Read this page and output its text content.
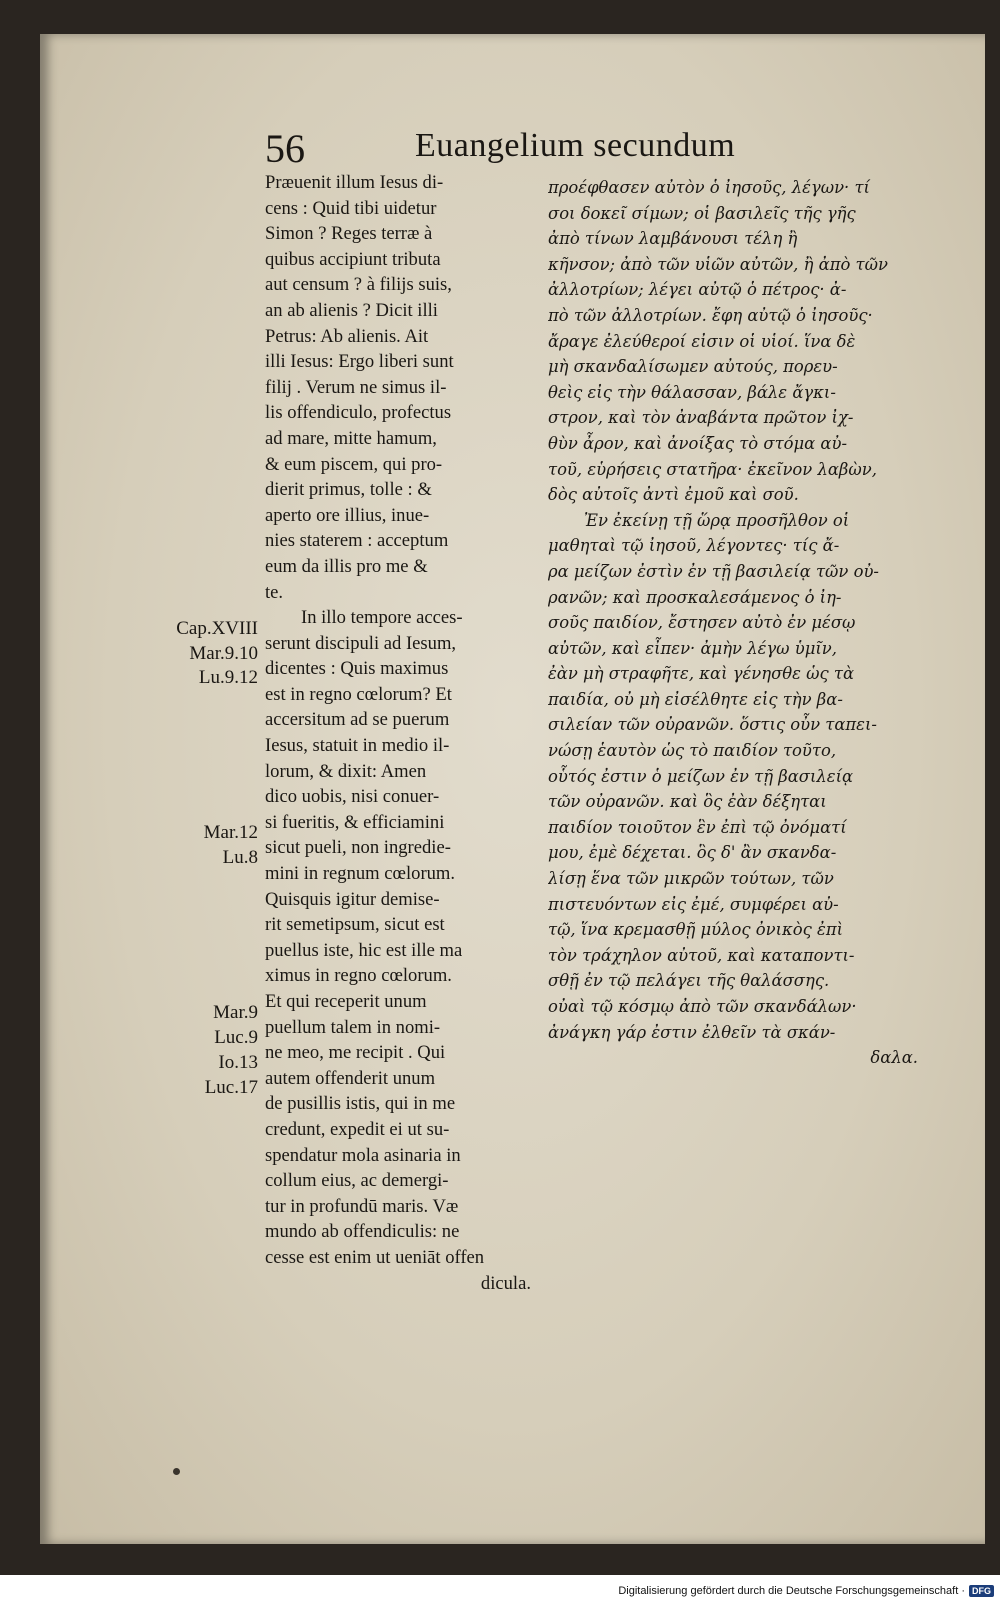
56	Euangelium secundum
Præuenit illum Iesus di-
cens : Quid tibi uidetur
Simon ? Reges terræ à
quibus accipiunt tributa
aut censum ? à filijs suis,
an ab alienis ? Dicit illi
Petrus: Ab alienis. Ait
illi Iesus: Ergo liberi sunt
filij . Verum ne simus il-
lis offendiculo, profectus
ad mare, mitte hamum,
& eum piscem, qui pro-
dierit primus, tolle : &
aperto ore illius, inue-
nies staterem : acceptum
eum da illis pro me &
te.
In illo tempore acces-
serunt discipuli ad Iesum,
dicentes : Quis maximus
est in regno cœlorum? Et
accersitum ad se puerum
Iesus, statuit in medio il-
lorum, & dixit: Amen
dico uobis, nisi conuer-
si fueritis, & efficiamini
sicut pueli, non ingredie-
mini in regnum cœlorum.
Quisquis igitur demise-
rit semetipsum, sicut est
puellus iste, hic est ille ma
ximus in regno cœlorum.
Et qui receperit unum
puellum talem in nomi-
ne meo, me recipit . Qui
autem offenderit unum
de pusillis istis, qui in me
credunt, expedit ei ut su-
spendatur mola asinaria in
collum eius, ac demergi-
tur in profundū maris. Væ
mundo ab offendiculis: ne
cesse est enim ut ueniāt offen
dicula.
προέφθασεν αὐτὸν ὁ ἰησοῦς, λέγων· τί
σοι δοκεῖ σίμων; οἱ βασιλεῖς τῆς γῆς
ἀπὸ τίνων λαμβάνουσι τέλη ἢ
κῆνσον; ἀπὸ τῶν υἱῶν αὐτῶν, ἢ ἀπὸ τῶν
ἀλλοτρίων; λέγει αὐτῷ ὁ πέτρος· ἀ-
πὸ τῶν ἀλλοτρίων. ἔφη αὐτῷ ὁ ἰησοῦς·
ἄραγε ἐλεύθεροί εἰσιν οἱ υἱοί. ἵνα δὲ
μὴ σκανδαλίσωμεν αὐτούς, πορευ-
θεὶς εἰς τὴν θάλασσαν, βάλε ἄγκι-
στρον, καὶ τὸν ἀναβάντα πρῶτον ἰχ-
θὺν ἆρον, καὶ ἀνοίξας τὸ στόμα αὐ-
τοῦ, εὑρήσεις στατῆρα· ἐκεῖνον λαβὼν,
δὸς αὐτοῖς ἀντὶ ἐμοῦ καὶ σοῦ.
Ἐν ἐκείνῃ τῇ ὥρᾳ προσῆλθον οἱ
μαθηταὶ τῷ ἰησοῦ, λέγοντες· τίς ἄ-
ρα μείζων ἐστὶν ἐν τῇ βασιλείᾳ τῶν οὐ-
ρανῶν; καὶ προσκαλεσάμενος ὁ ἰη-
σοῦς παιδίον, ἔστησεν αὐτὸ ἐν μέσῳ
αὐτῶν, καὶ εἶπεν· ἀμὴν λέγω ὑμῖν,
ἐὰν μὴ στραφῆτε, καὶ γένησθε ὡς τὰ
παιδία, οὐ μὴ εἰσέλθητε εἰς τὴν βα-
σιλείαν τῶν οὐρανῶν. ὅστις οὖν ταπει-
νώσῃ ἑαυτὸν ὡς τὸ παιδίον τοῦτο,
οὗτός ἐστιν ὁ μείζων ἐν τῇ βασιλείᾳ
τῶν οὐρανῶν. καὶ ὃς ἐὰν δέξηται
παιδίον τοιοῦτον ἓν ἐπὶ τῷ ὀνόματί
μου, ἐμὲ δέχεται. ὃς δ' ἂν σκανδα-
λίσῃ ἕνα τῶν μικρῶν τούτων, τῶν
πιστευόντων εἰς ἐμέ, συμφέρει αὐ-
τῷ, ἵνα κρεμασθῇ μύλος ὀνικὸς ἐπὶ
τὸν τράχηλον αὐτοῦ, καὶ καταποντι-
σθῇ ἐν τῷ πελάγει τῆς θαλάσσης.
οὐαὶ τῷ κόσμῳ ἀπὸ τῶν σκανδάλων·
ἀνάγκη γάρ ἐστιν ἐλθεῖν τὰ σκάν-
δαλα.
Cap.XVIII
Mar.9.10
Lu.9.12
Mar.12
Lu.8
Mar.9
Luc.9
Io.13
Luc.17
Digitalisierung gefördert durch die Deutsche Forschungsgemeinschaft · DFG
